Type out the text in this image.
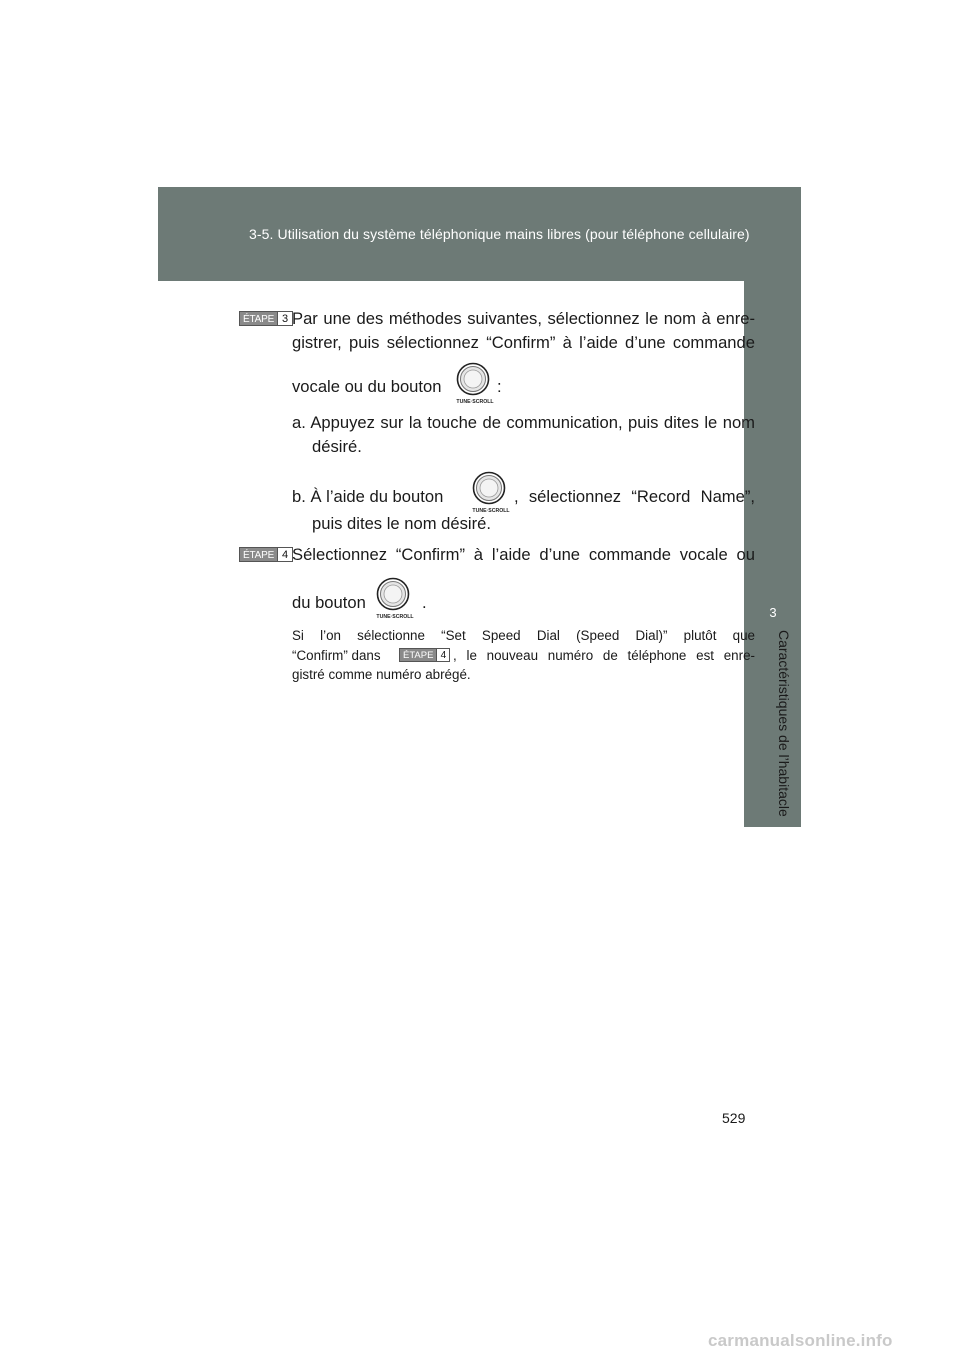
3-5. Utilisation du système téléphonique mains libres (pour téléphone cellulaire)
3
Caractéristiques de l’habitacle
ÉTAPE 3 Par une des méthodes suivantes, sélectionnez le nom à enre-
gistrer, puis sélectionnez “Confirm” à l’aide d’une commande
vocale ou du bouton
TUNE·SCROLL
:
a. Appuyez sur la touche de communication, puis dites le nom
désiré.
b. À l’aide du bouton
TUNE·SCROLL
, sélectionnez “Record Name”,
puis dites le nom désiré.
ÉTAPE 4 Sélectionnez “Confirm” à l’aide d’une commande vocale ou
du bouton
TUNE·SCROLL
.
Si l’on sélectionne “Set Speed Dial (Speed Dial)” plutôt que
“Confirm” dans	ÉTAPE 4 , le nouveau numéro de téléphone est enre-
gistré comme numéro abrégé.
529
carmanualsonline.info
